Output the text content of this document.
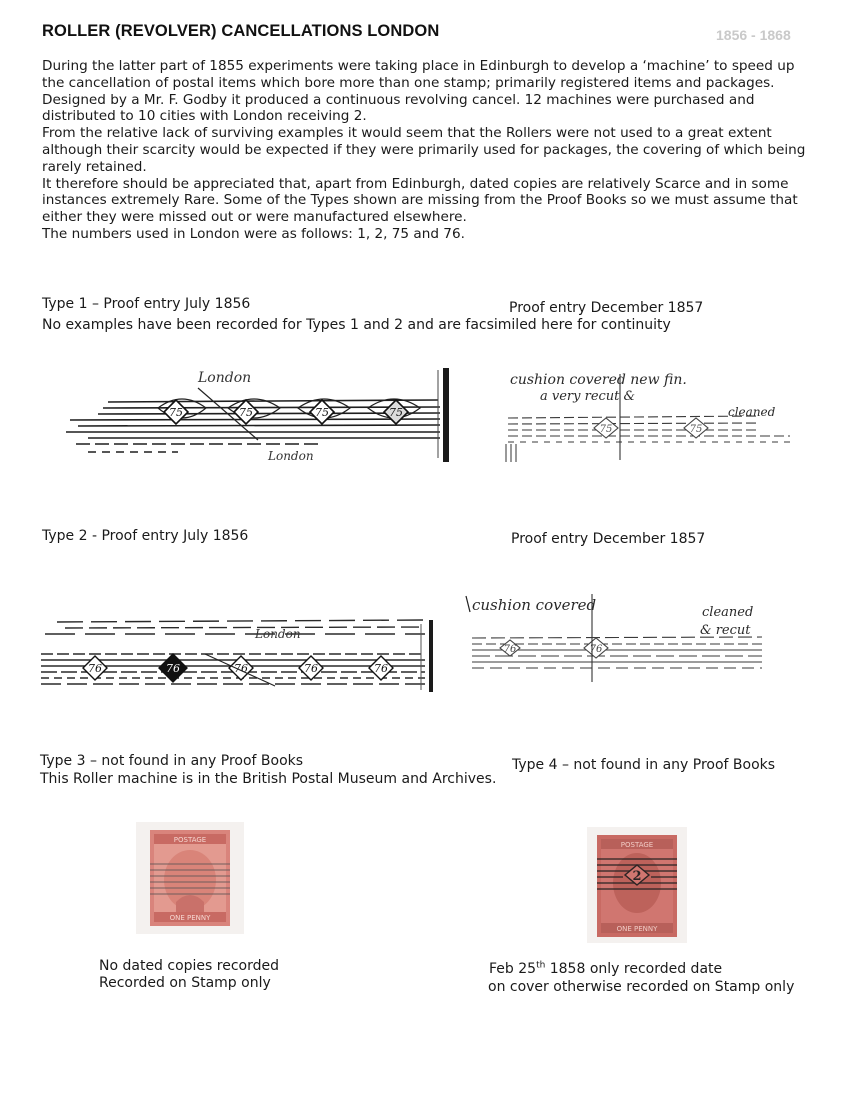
ROLLER (REVOLVER) CANCELLATIONS LONDON	1856 - 1868

During the latter part of 1855 experiments were taking place in Edinburgh to develop a ‘machine’ to speed up the cancellation of postal items which bore more than one stamp; primarily registered items and packages. Designed by a Mr. F. Godby it produced a continuous revolving cancel. 12 machines were purchased and distributed to 10 cities with London receiving 2.

From the relative lack of surviving examples it would seem that the Rollers were not used to a great extent although their scarcity would be expected if they were primarily used for packages, the covering of which being rarely retained.

It therefore should be appreciated that, apart from Edinburgh, dated copies are relatively Scarce and in some instances extremely Rare. Some of the Types shown are missing from the Proof Books so we must assume that either they were missed out or were manufactured elsewhere.

The numbers used in London were as follows: 1, 2, 75 and 76.

Type 1 – Proof entry July 1856	Proof entry December 1857
No examples have been recorded for Types 1 and 2 and are facsimiled here for continuity
75	75	75	75
London
London
cushion covered new fin.
a very recut &
cleaned
75	75
Type 2 - Proof entry July 1856	Proof entry December 1857
76	76	76	76	76
London
cushion covered	cleaned
& recut
76	76
Type 3 – not found in any Proof Books
This Roller machine is in the British Postal Museum and Archives.
Type 4 – not found in any Proof Books
POSTAGE
ONE PENNY
POSTAGE
ONE PENNY
2
No dated copies recorded
Recorded on Stamp only
Feb 25th 1858 only recorded date
on cover otherwise recorded on Stamp only
